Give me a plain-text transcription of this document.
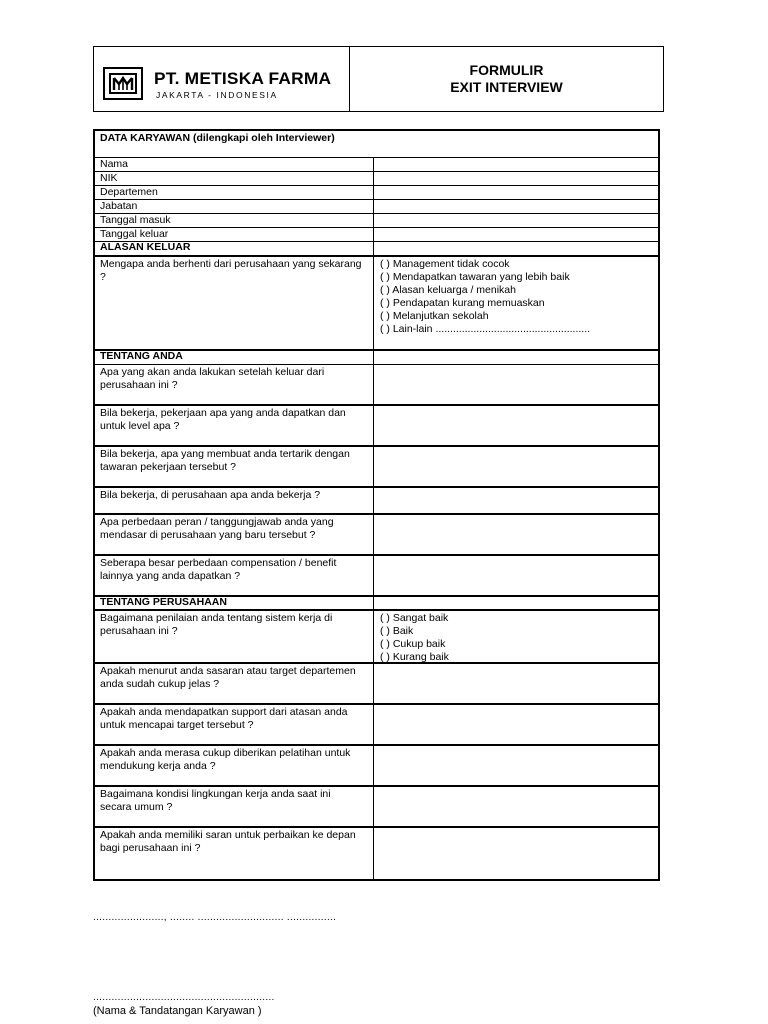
PT. METISKA FARMA
JAKARTA - INDONESIA
FORMULIR
EXIT INTERVIEW
DATA KARYAWAN (dilengkapi oleh Interviewer)
Nama
NIK
Departemen
Jabatan
Tanggal masuk
Tanggal keluar
ALASAN KELUAR
Mengapa anda berhenti dari perusahaan yang sekarang ?
( ) Management tidak cocok
( ) Mendapatkan tawaran yang lebih baik
( ) Alasan keluarga / menikah
( ) Pendapatan kurang memuaskan
( ) Melanjutkan sekolah
( ) Lain-lain .....................................................
TENTANG ANDA
Apa yang akan anda lakukan setelah keluar dari perusahaan ini ?
Bila bekerja, pekerjaan apa yang anda dapatkan dan untuk level apa ?
Bila bekerja, apa yang membuat anda tertarik dengan tawaran pekerjaan tersebut ?
Bila bekerja, di perusahaan apa anda bekerja ?
Apa perbedaan peran / tanggungjawab anda yang mendasar di perusahaan yang baru tersebut ?
Seberapa besar perbedaan compensation / benefit lainnya yang anda dapatkan ?
TENTANG PERUSAHAAN
Bagaimana penilaian anda tentang sistem kerja di perusahaan ini ?
( ) Sangat baik
( ) Baik
( ) Cukup baik
( ) Kurang baik
Apakah menurut anda sasaran atau target departemen anda sudah cukup jelas ?
Apakah anda mendapatkan support dari atasan anda untuk mencapai target tersebut ?
Apakah anda merasa cukup diberikan pelatihan untuk mendukung kerja anda ?
Bagaimana kondisi lingkungan kerja anda saat ini secara umum ?
Apakah anda memiliki saran untuk perbaikan ke depan bagi perusahaan ini ?
......................., ........ ............................ ................
...........................................................
(Nama & Tandatangan Karyawan )
